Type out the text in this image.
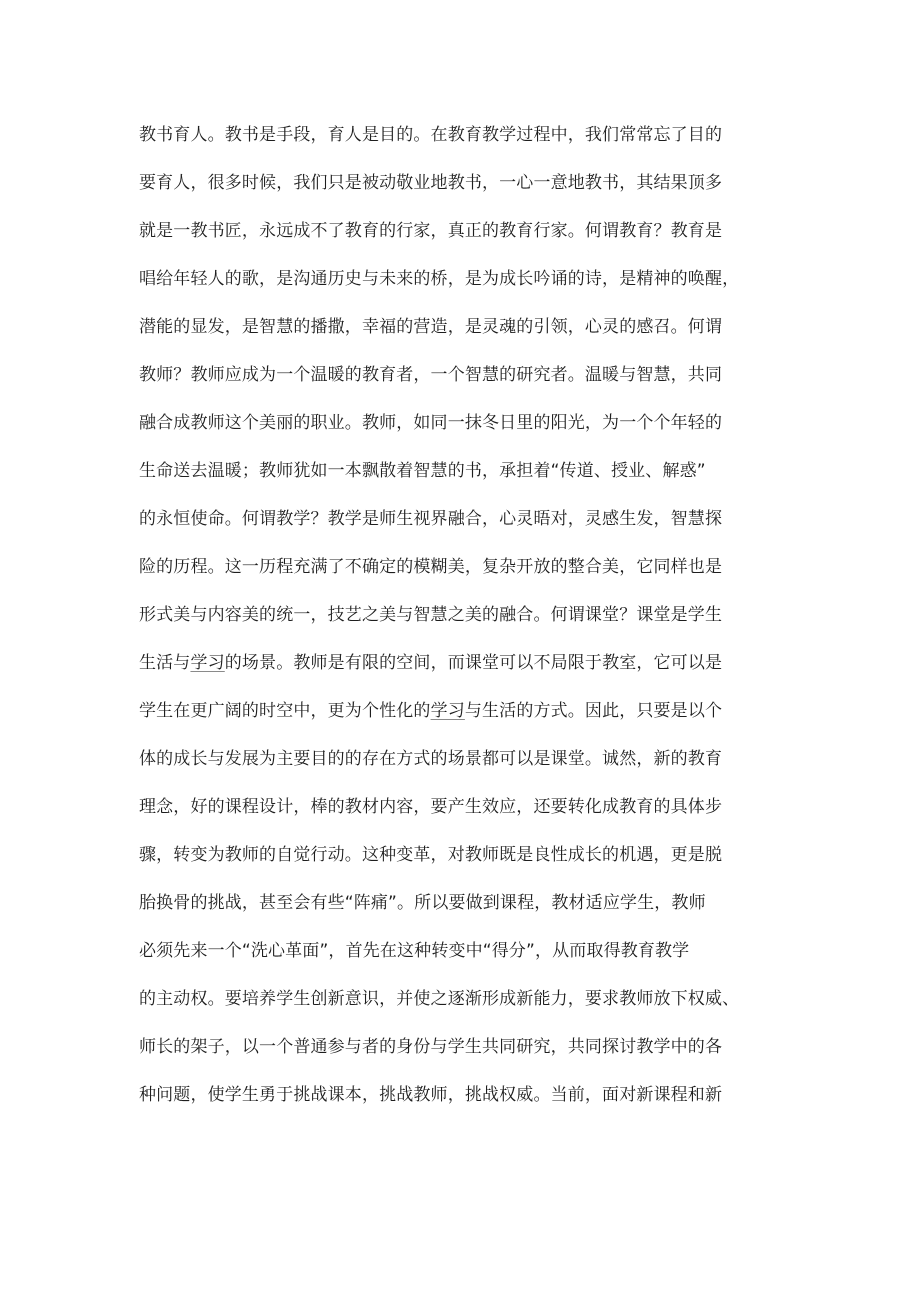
教书育人。教书是手段，育人是目的。在教育教学过程中，我们常常忘了目的
要育人，很多时候，我们只是被动敬业地教书，一心一意地教书，其结果顶多
就是一教书匠，永远成不了教育的行家，真正的教育行家。何谓教育？教育是
唱给年轻人的歌，是沟通历史与未来的桥，是为成长吟诵的诗，是精神的唤醒，
潜能的显发，是智慧的播撒，幸福的营造，是灵魂的引领，心灵的感召。何谓
教师？教师应成为一个温暖的教育者，一个智慧的研究者。温暖与智慧，共同
融合成教师这个美丽的职业。教师，如同一抹冬日里的阳光，为一个个年轻的
生命送去温暖；教师犹如一本飘散着智慧的书，承担着“传道、授业、解惑”
的永恒使命。何谓教学？教学是师生视界融合，心灵晤对，灵感生发，智慧探
险的历程。这一历程充满了不确定的模糊美，复杂开放的整合美，它同样也是
形式美与内容美的统一，技艺之美与智慧之美的融合。何谓课堂？课堂是学生
生活与学习的场景。教师是有限的空间，而课堂可以不局限于教室，它可以是
学生在更广阔的时空中，更为个性化的学习与生活的方式。因此，只要是以个
体的成长与发展为主要目的的存在方式的场景都可以是课堂。诚然，新的教育
理念，好的课程设计，棒的教材内容，要产生效应，还要转化成教育的具体步
骤，转变为教师的自觉行动。这种变革，对教师既是良性成长的机遇，更是脱
胎换骨的挑战，甚至会有些“阵痛”。所以要做到课程，教材适应学生，教师
必须先来一个“洗心革面”，首先在这种转变中“得分”，从而取得教育教学
的主动权。要培养学生创新意识，并使之逐渐形成新能力，要求教师放下权威、
师长的架子，以一个普通参与者的身份与学生共同研究，共同探讨教学中的各
种问题，使学生勇于挑战课本，挑战教师，挑战权威。当前，面对新课程和新
